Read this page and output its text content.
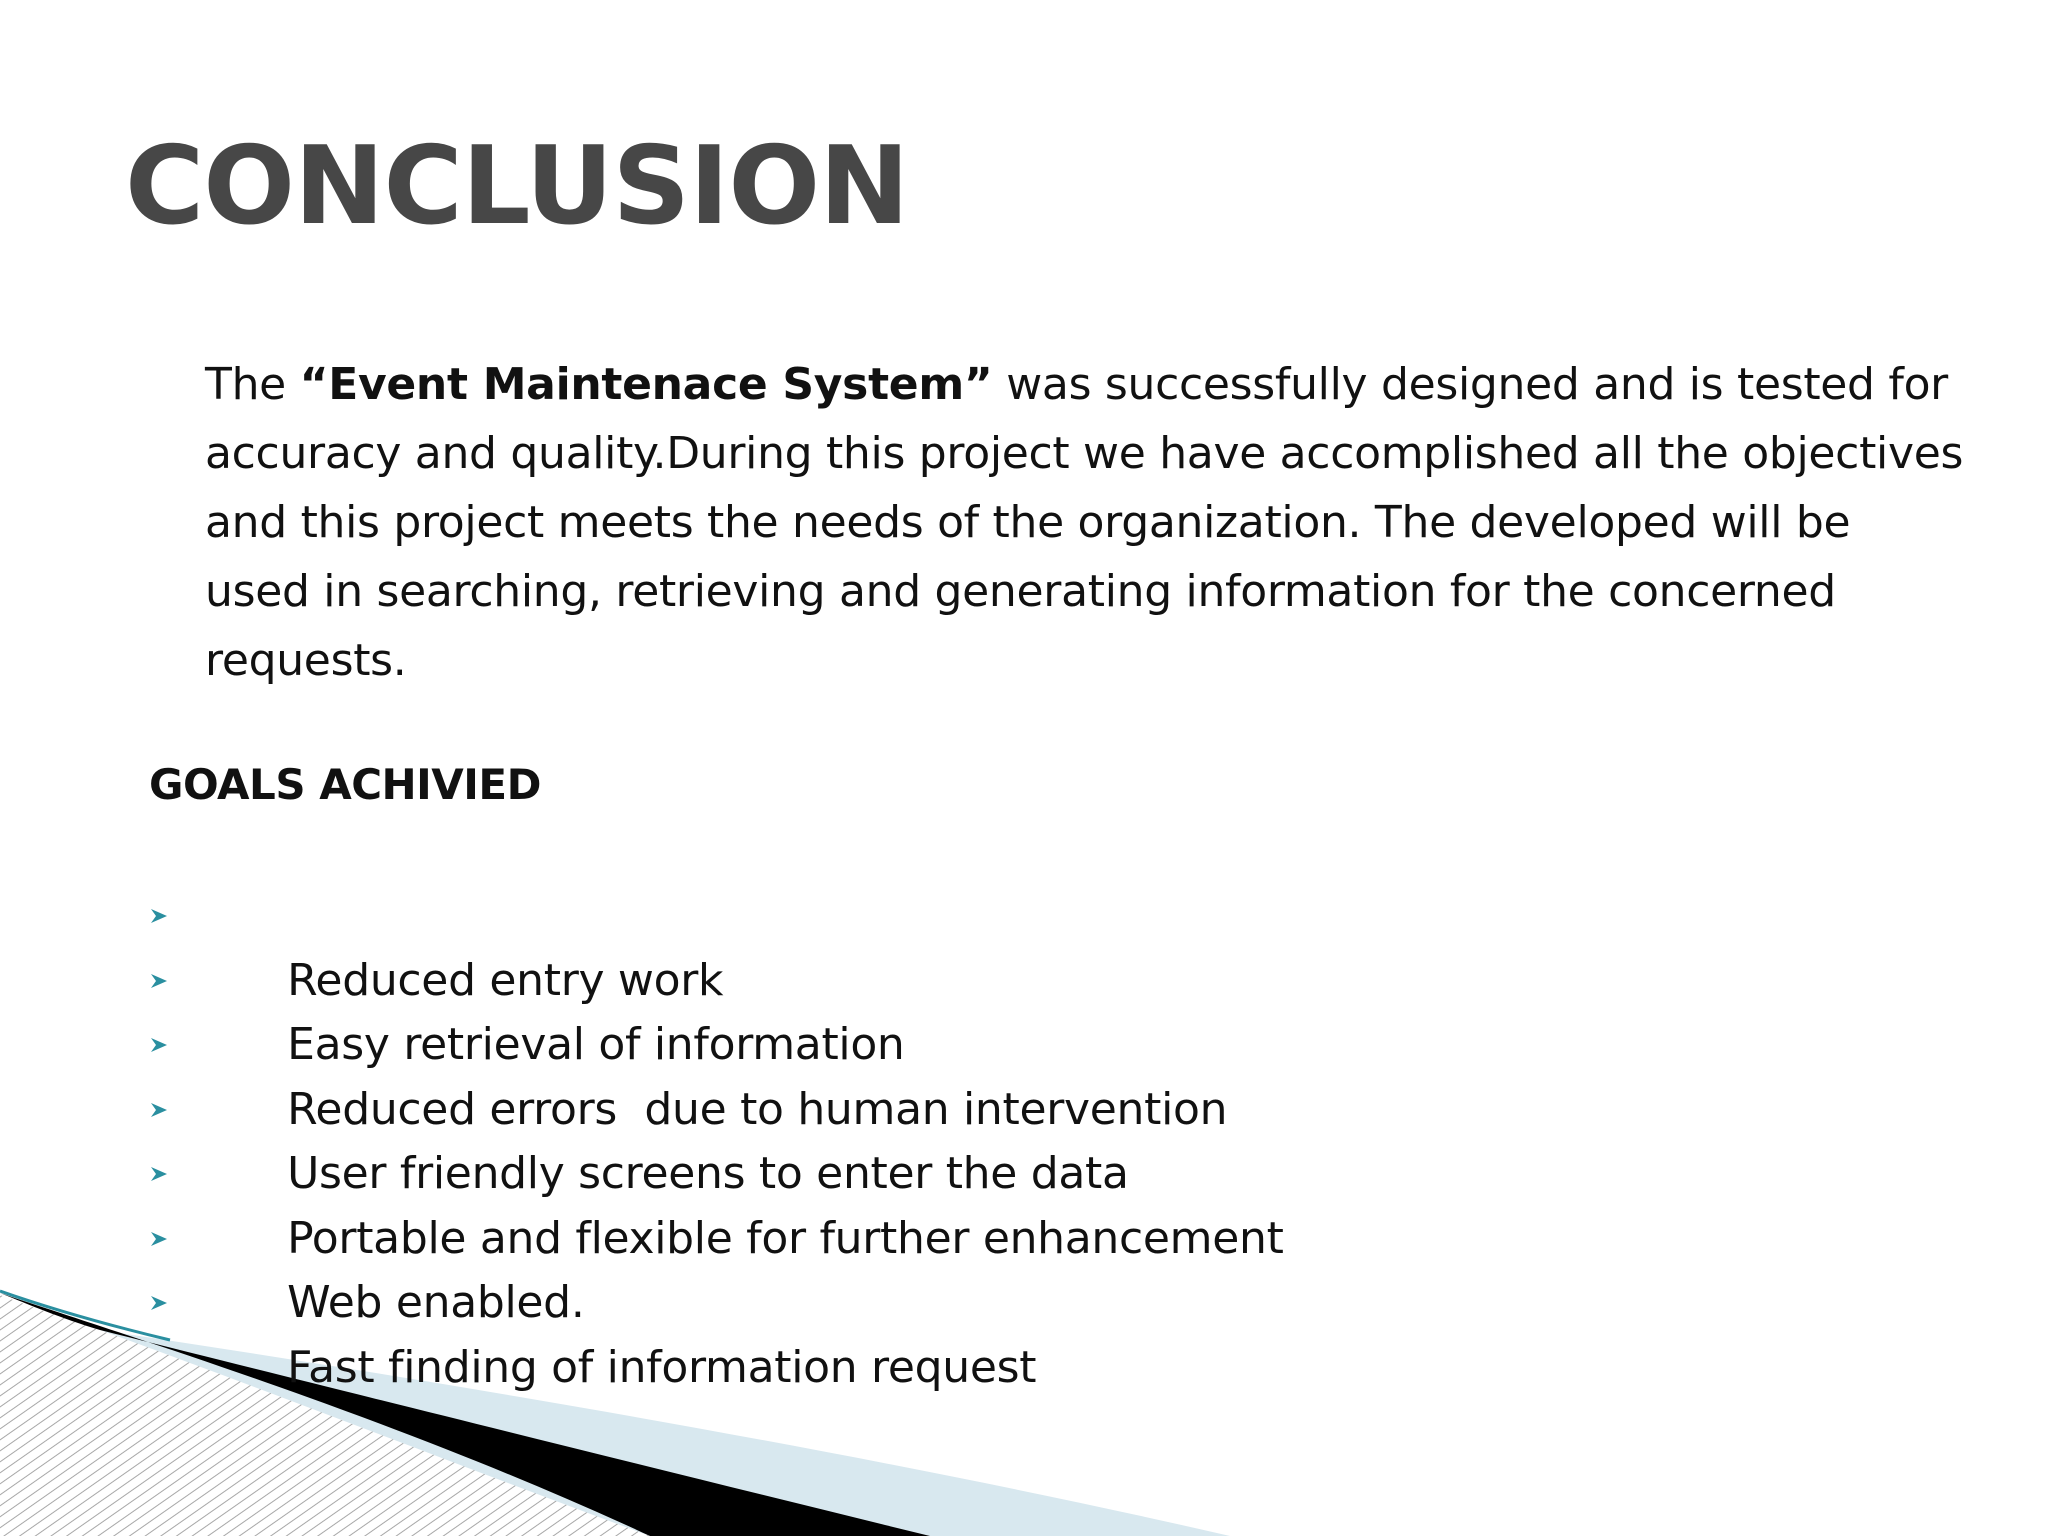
CONCLUSION

The “Event Maintenace System” was successfully designed and is tested for accuracy and quality.During this project we have accomplished all the objectives and this project meets the needs of the organization. The developed will be used in searching, retrieving and generating information for the concerned requests.

GOALS ACHIVIED

Reduced entry work

Easy retrieval of information

Reduced errors  due to human intervention

User friendly screens to enter the data

Portable and flexible for further enhancement

Web enabled.

Fast finding of information request
